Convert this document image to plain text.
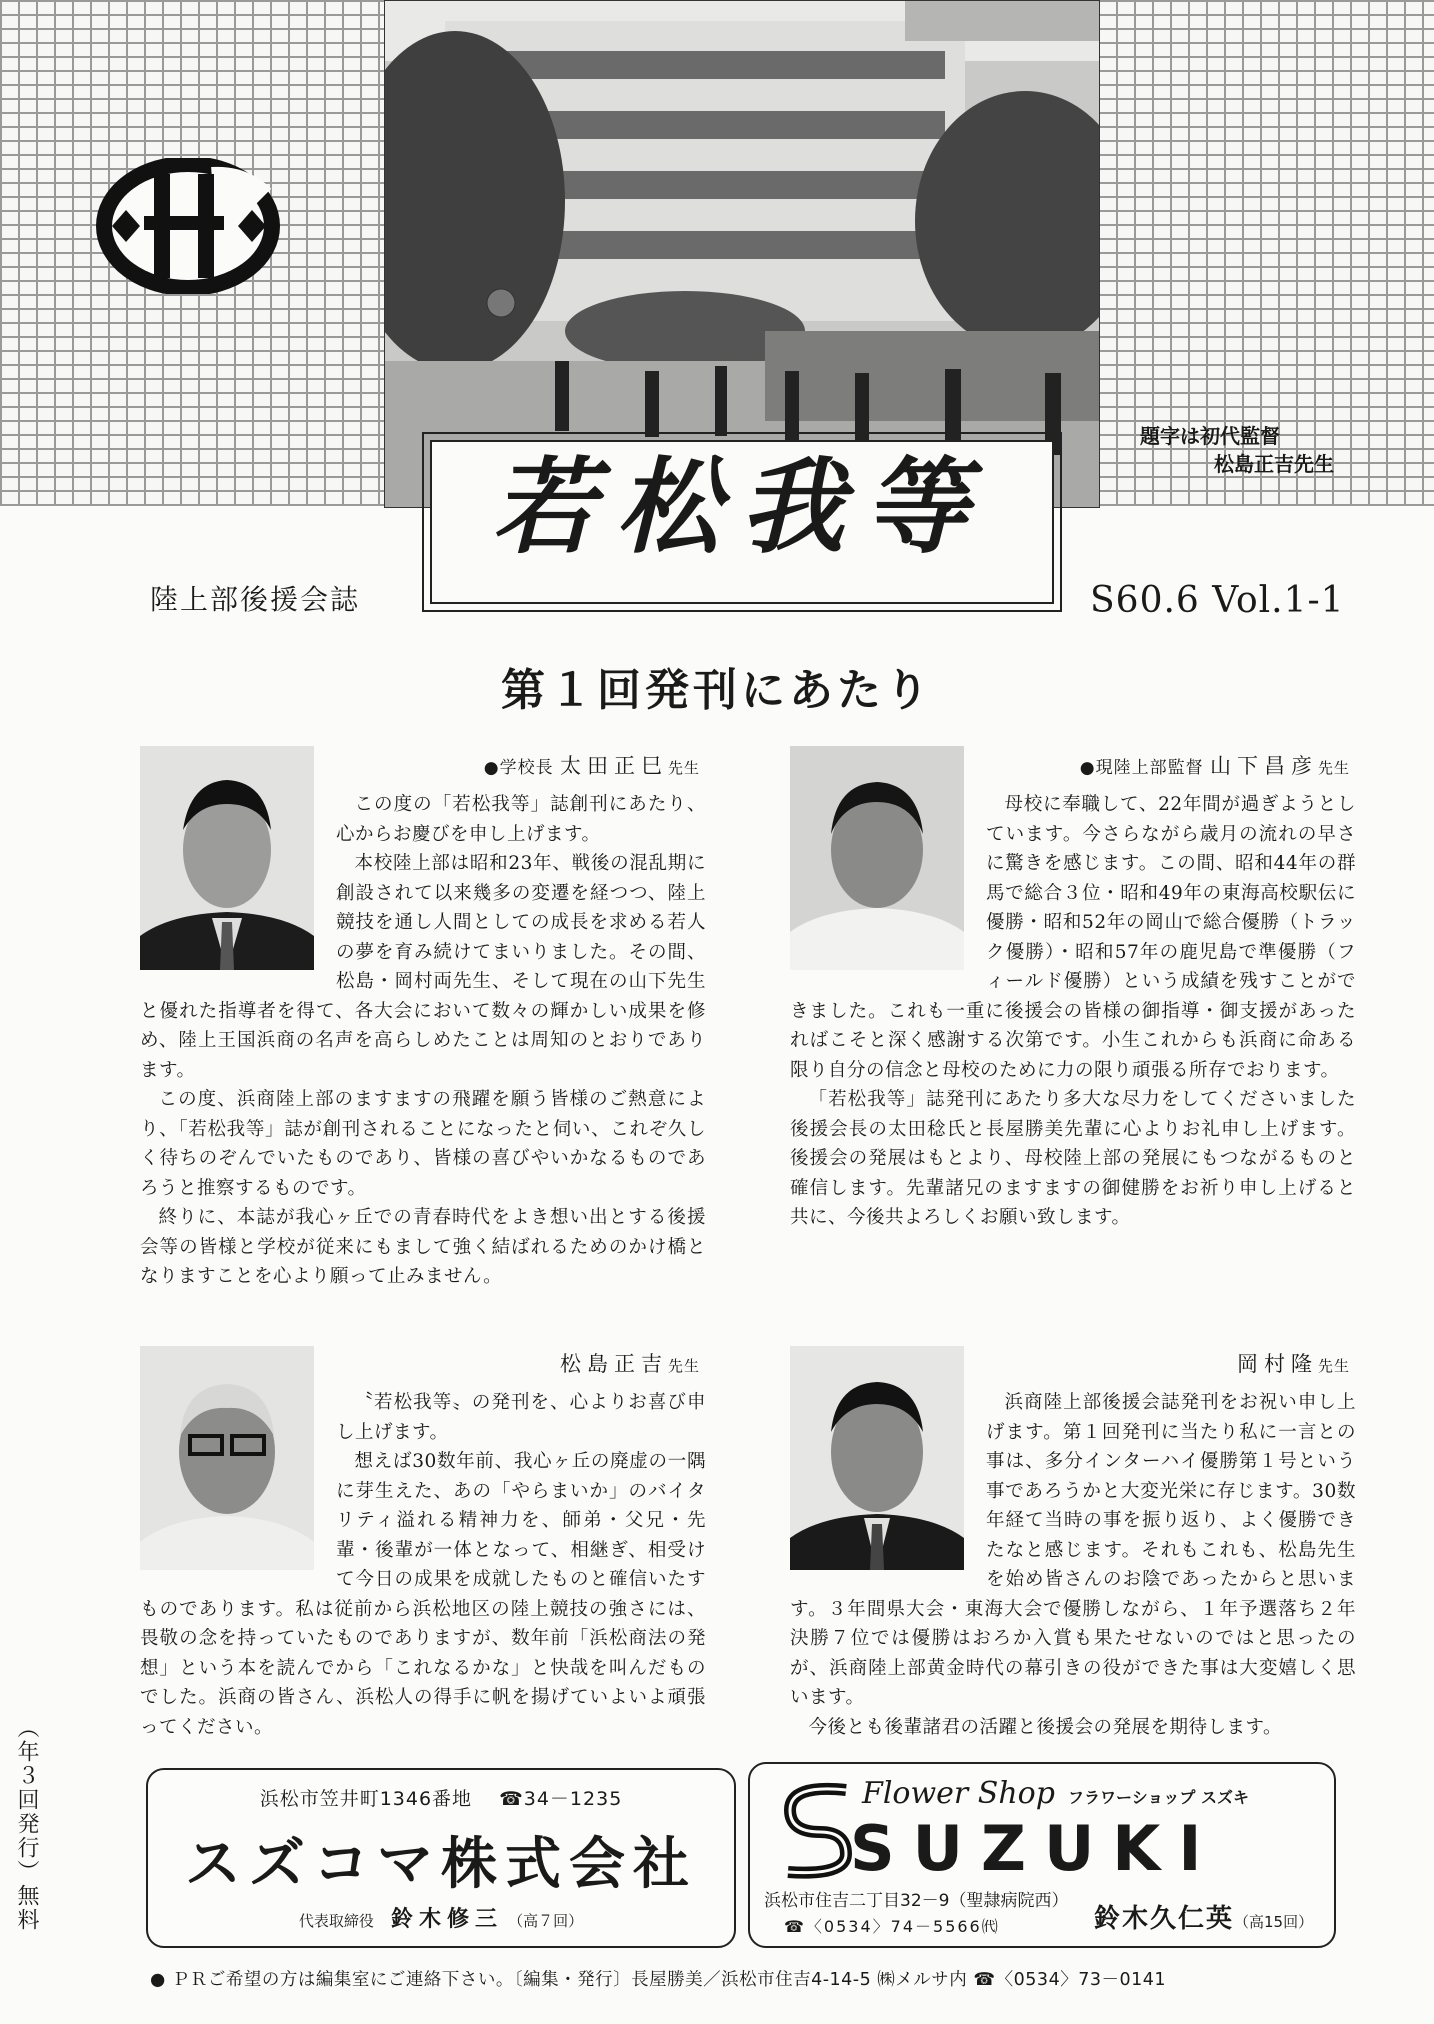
若松我等
題字は初代監督
松島正吉先生
陸上部後援会誌	S60.6 Vol.1-1
第１回発刊にあたり
●学校長 太田正巳先生

この度の「若松我等」誌創刊にあたり、心からお慶びを申し上げます。

本校陸上部は昭和23年、戦後の混乱期に創設されて以来幾多の変遷を経つつ、陸上競技を通し人間としての成長を求める若人の夢を育み続けてまいりました。その間、松島・岡村両先生、そして現在の山下先生と優れた指導者を得て、各大会において数々の輝かしい成果を修め、陸上王国浜商の名声を高らしめたことは周知のとおりであります。

この度、浜商陸上部のますますの飛躍を願う皆様のご熱意により、「若松我等」誌が創刊されることになったと伺い、これぞ久しく待ちのぞんでいたものであり、皆様の喜びやいかなるものであろうと推察するものです。

終りに、本誌が我心ヶ丘での青春時代をよき想い出とする後援会等の皆様と学校が従来にもまして強く結ばれるためのかけ橋となりますことを心より願って止みません。

●現陸上部監督 山下昌彦先生

母校に奉職して、22年間が過ぎようとしています。今さらながら歳月の流れの早さに驚きを感じます。この間、昭和44年の群馬で総合３位・昭和49年の東海高校駅伝に優勝・昭和52年の岡山で総合優勝（トラック優勝）・昭和57年の鹿児島で準優勝（フィールド優勝）という成績を残すことができました。これも一重に後援会の皆様の御指導・御支援があったればこそと深く感謝する次第です。小生これからも浜商に命ある限り自分の信念と母校のために力の限り頑張る所存でおります。

「若松我等」誌発刊にあたり多大な尽力をしてくださいました後援会長の太田稔氏と長屋勝美先輩に心よりお礼申し上げます。後援会の発展はもとより、母校陸上部の発展にもつながるものと確信します。先輩諸兄のますますの御健勝をお祈り申し上げると共に、今後共よろしくお願い致します。

松島正吉先生

〝若松我等〟の発刊を、心よりお喜び申し上げます。

想えば30数年前、我心ヶ丘の廃虚の一隅に芽生えた、あの「やらまいか」のバイタリティ溢れる精神力を、師弟・父兄・先輩・後輩が一体となって、相継ぎ、相受けて今日の成果を成就したものと確信いたすものであります。私は従前から浜松地区の陸上競技の強さには、畏敬の念を持っていたものでありますが、数年前「浜松商法の発想」という本を読んでから「これなるかな」と快哉を叫んだものでした。浜商の皆さん、浜松人の得手に帆を揚げていよいよ頑張ってください。

岡村隆先生

浜商陸上部後援会誌発刊をお祝い申し上げます。第１回発刊に当たり私に一言との事は、多分インターハイ優勝第１号という事であろうかと大変光栄に存じます。30数年経て当時の事を振り返り、よく優勝できたなと感じます。それもこれも、松島先生を始め皆さんのお陰であったからと思います。３年間県大会・東海大会で優勝しながら、１年予選落ち２年決勝７位では優勝はおろか入賞も果たせないのではと思ったのが、浜商陸上部黄金時代の幕引きの役ができた事は大変嬉しく思います。

今後とも後輩諸君の活躍と後援会の発展を期待します。

（年３回発行）無料	浜松市笠井町1346番地 ☎34－1235
スズコマ株式会社
代表取締役 鈴木修三 （高７回）
Flower Shop フラワーショップ スズキ
SUZUKI
浜松市住吉二丁目32－9（聖隷病院西）
☎〈0534〉74－5566㈹	鈴木久仁英（高15回）
● ＰＲご希望の方は編集室にご連絡下さい。〔編集・発行〕長屋勝美／浜松市住吉4-14-5 ㈱メルサ内 ☎〈0534〉73－0141
